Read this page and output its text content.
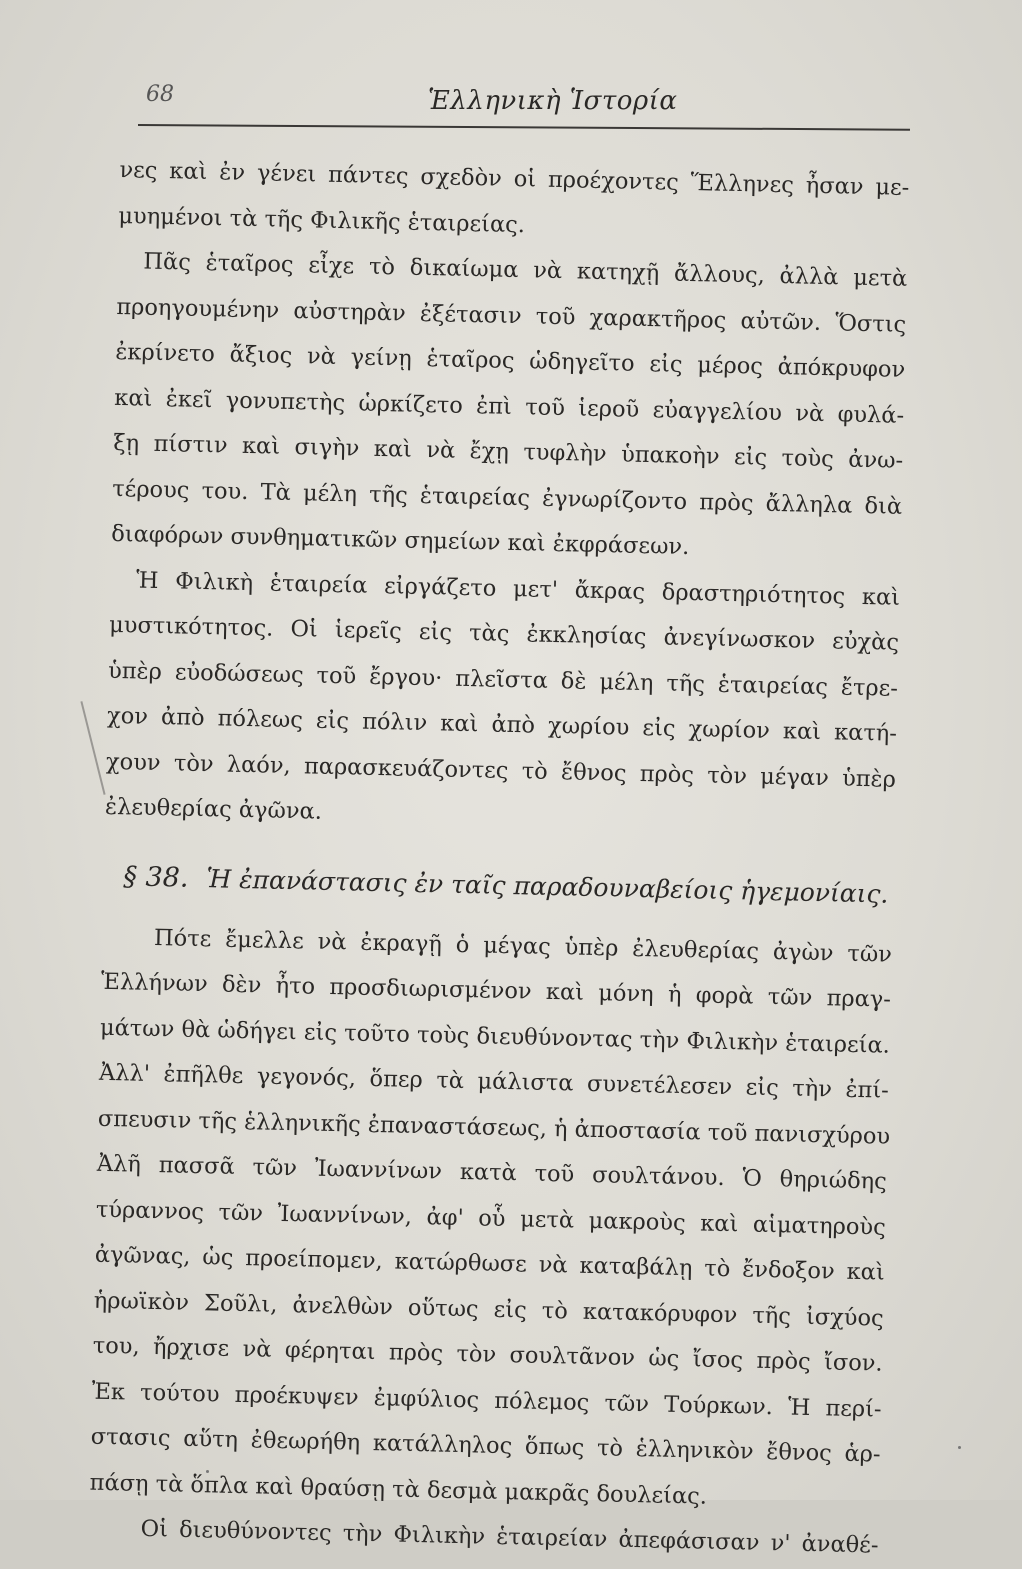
68	Ἑλληνικὴ Ἱστορία
νες καὶ ἐν γένει πάντες σχεδὸν οἱ προέχοντες Ἕλληνες ἦσαν με-
μυημένοι τὰ τῆς Φιλικῆς ἑταιρείας.
Πᾶς ἑταῖρος εἶχε τὸ δικαίωμα νὰ κατηχῇ ἄλλους, ἀλλὰ μετὰ
προηγουμένην αὐστηρὰν ἐξέτασιν τοῦ χαρακτῆρος αὐτῶν. Ὅστις
ἐκρίνετο ἄξιος νὰ γείνῃ ἑταῖρος ὡδηγεῖτο εἰς μέρος ἀπόκρυφον
καὶ ἐκεῖ γονυπετὴς ὡρκίζετο ἐπὶ τοῦ ἱεροῦ εὐαγγελίου νὰ φυλά-
ξῃ πίστιν καὶ σιγὴν καὶ νὰ ἔχῃ τυφλὴν ὑπακοὴν εἰς τοὺς ἀνω-
τέρους του. Τὰ μέλη τῆς ἑταιρείας ἐγνωρίζοντο πρὸς ἄλληλα διὰ
διαφόρων συνθηματικῶν σημείων καὶ ἐκφράσεων.
Ἡ Φιλικὴ ἑταιρεία εἰργάζετο μετ' ἄκρας δραστηριότητος καὶ
μυστικότητος. Οἱ ἱερεῖς εἰς τὰς ἐκκλησίας ἀνεγίνωσκον εὐχὰς
ὑπὲρ εὐοδώσεως τοῦ ἔργου· πλεῖστα δὲ μέλη τῆς ἑταιρείας ἔτρε-
χον ἀπὸ πόλεως εἰς πόλιν καὶ ἀπὸ χωρίου εἰς χωρίον καὶ κατή-
χουν τὸν λαόν, παρασκευάζοντες τὸ ἔθνος πρὸς τὸν μέγαν ὑπὲρ
ἐλευθερίας ἀγῶνα.
§ 38. Ἡ ἐπανάστασις ἐν ταῖς παραδουναβείοις ἡγεμονίαις.
Πότε ἔμελλε νὰ ἐκραγῇ ὁ μέγας ὑπὲρ ἐλευθερίας ἀγὼν τῶν
Ἑλλήνων δὲν ἦτο προσδιωρισμένον καὶ μόνη ἡ φορὰ τῶν πραγ-
μάτων θὰ ὡδήγει εἰς τοῦτο τοὺς διευθύνοντας τὴν Φιλικὴν ἑταιρεία.
Ἀλλ' ἐπῆλθε γεγονός, ὅπερ τὰ μάλιστα συνετέλεσεν εἰς τὴν ἐπί-
σπευσιν τῆς ἑλληνικῆς ἐπαναστάσεως, ἡ ἀποστασία τοῦ πανισχύρου
Ἀλῆ πασσᾶ τῶν Ἰωαννίνων κατὰ τοῦ σουλτάνου. Ὁ θηριώδης
τύραννος τῶν Ἰωαννίνων, ἀφ' οὗ μετὰ μακροὺς καὶ αἱματηροὺς
ἀγῶνας, ὡς προείπομεν, κατώρθωσε νὰ καταβάλῃ τὸ ἔνδοξον καὶ
ἡρωϊκὸν Σοῦλι, ἀνελθὼν οὕτως εἰς τὸ κατακόρυφον τῆς ἰσχύος
του, ἤρχισε νὰ φέρηται πρὸς τὸν σουλτᾶνον ὡς ἴσος πρὸς ἴσον.
Ἐκ τούτου προέκυψεν ἐμφύλιος πόλεμος τῶν Τούρκων. Ἡ περί-
στασις αὕτη ἐθεωρήθη κατάλληλος ὅπως τὸ ἑλληνικὸν ἔθνος ἁρ-
πάσῃ τὰ ὅπλα καὶ θραύσῃ τὰ δεσμὰ μακρᾶς δουλείας.
Οἱ διευθύνοντες τὴν Φιλικὴν ἑταιρείαν ἀπεφάσισαν ν' ἀναθέ-
